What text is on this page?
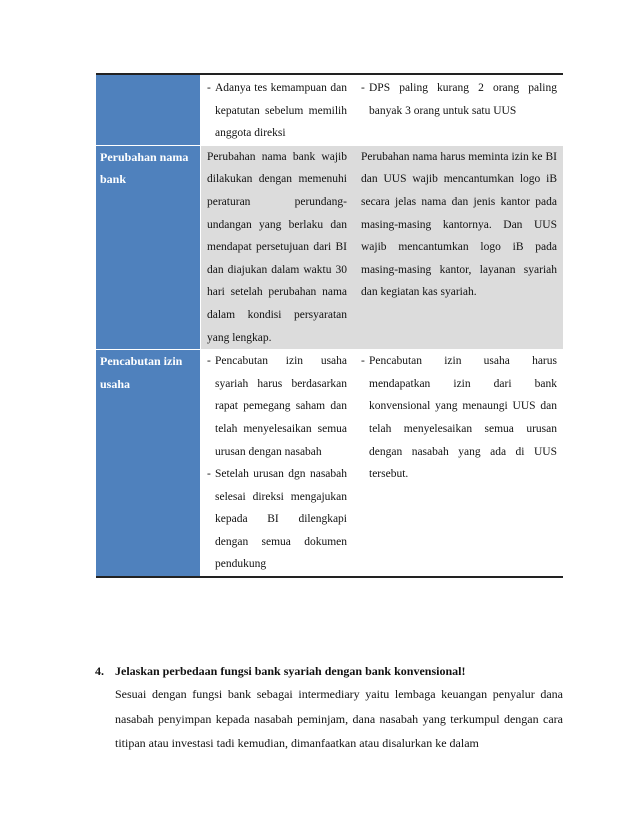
- Adanya tes kemampuan dan kepatutan sebelum memilih anggota direksi
- DPS paling kurang 2 orang paling banyak 3 orang untuk satu UUS
Perubahan nama bank
Perubahan nama bank wajib dilakukan dengan memenuhi peraturan perundang-undangan yang berlaku dan mendapat persetujuan dari BI dan diajukan dalam waktu 30 hari setelah perubahan nama dalam kondisi persyaratan yang lengkap.
Perubahan nama harus meminta izin ke BI dan UUS wajib mencantumkan logo iB secara jelas nama dan jenis kantor pada masing-masing kantornya. Dan UUS wajib mencantumkan logo iB pada masing-masing kantor, layanan syariah dan kegiatan kas syariah.
Pencabutan izin usaha
- Pencabutan izin usaha syariah harus berdasarkan rapat pemegang saham dan telah menyelesaikan semua urusan dengan nasabah
- Setelah urusan dgn nasabah selesai direksi mengajukan kepada BI dilengkapi dengan semua dokumen pendukung
- Pencabutan izin usaha harus mendapatkan izin dari bank konvensional yang menaungi UUS dan telah menyelesaikan semua urusan dengan nasabah yang ada di UUS tersebut.
4. Jelaskan perbedaan fungsi bank syariah dengan bank konvensional!
Sesuai dengan fungsi bank sebagai intermediary yaitu lembaga keuangan penyalur dana nasabah penyimpan kepada nasabah peminjam, dana nasabah yang terkumpul dengan cara titipan atau investasi tadi kemudian, dimanfaatkan atau disalurkan ke dalam
